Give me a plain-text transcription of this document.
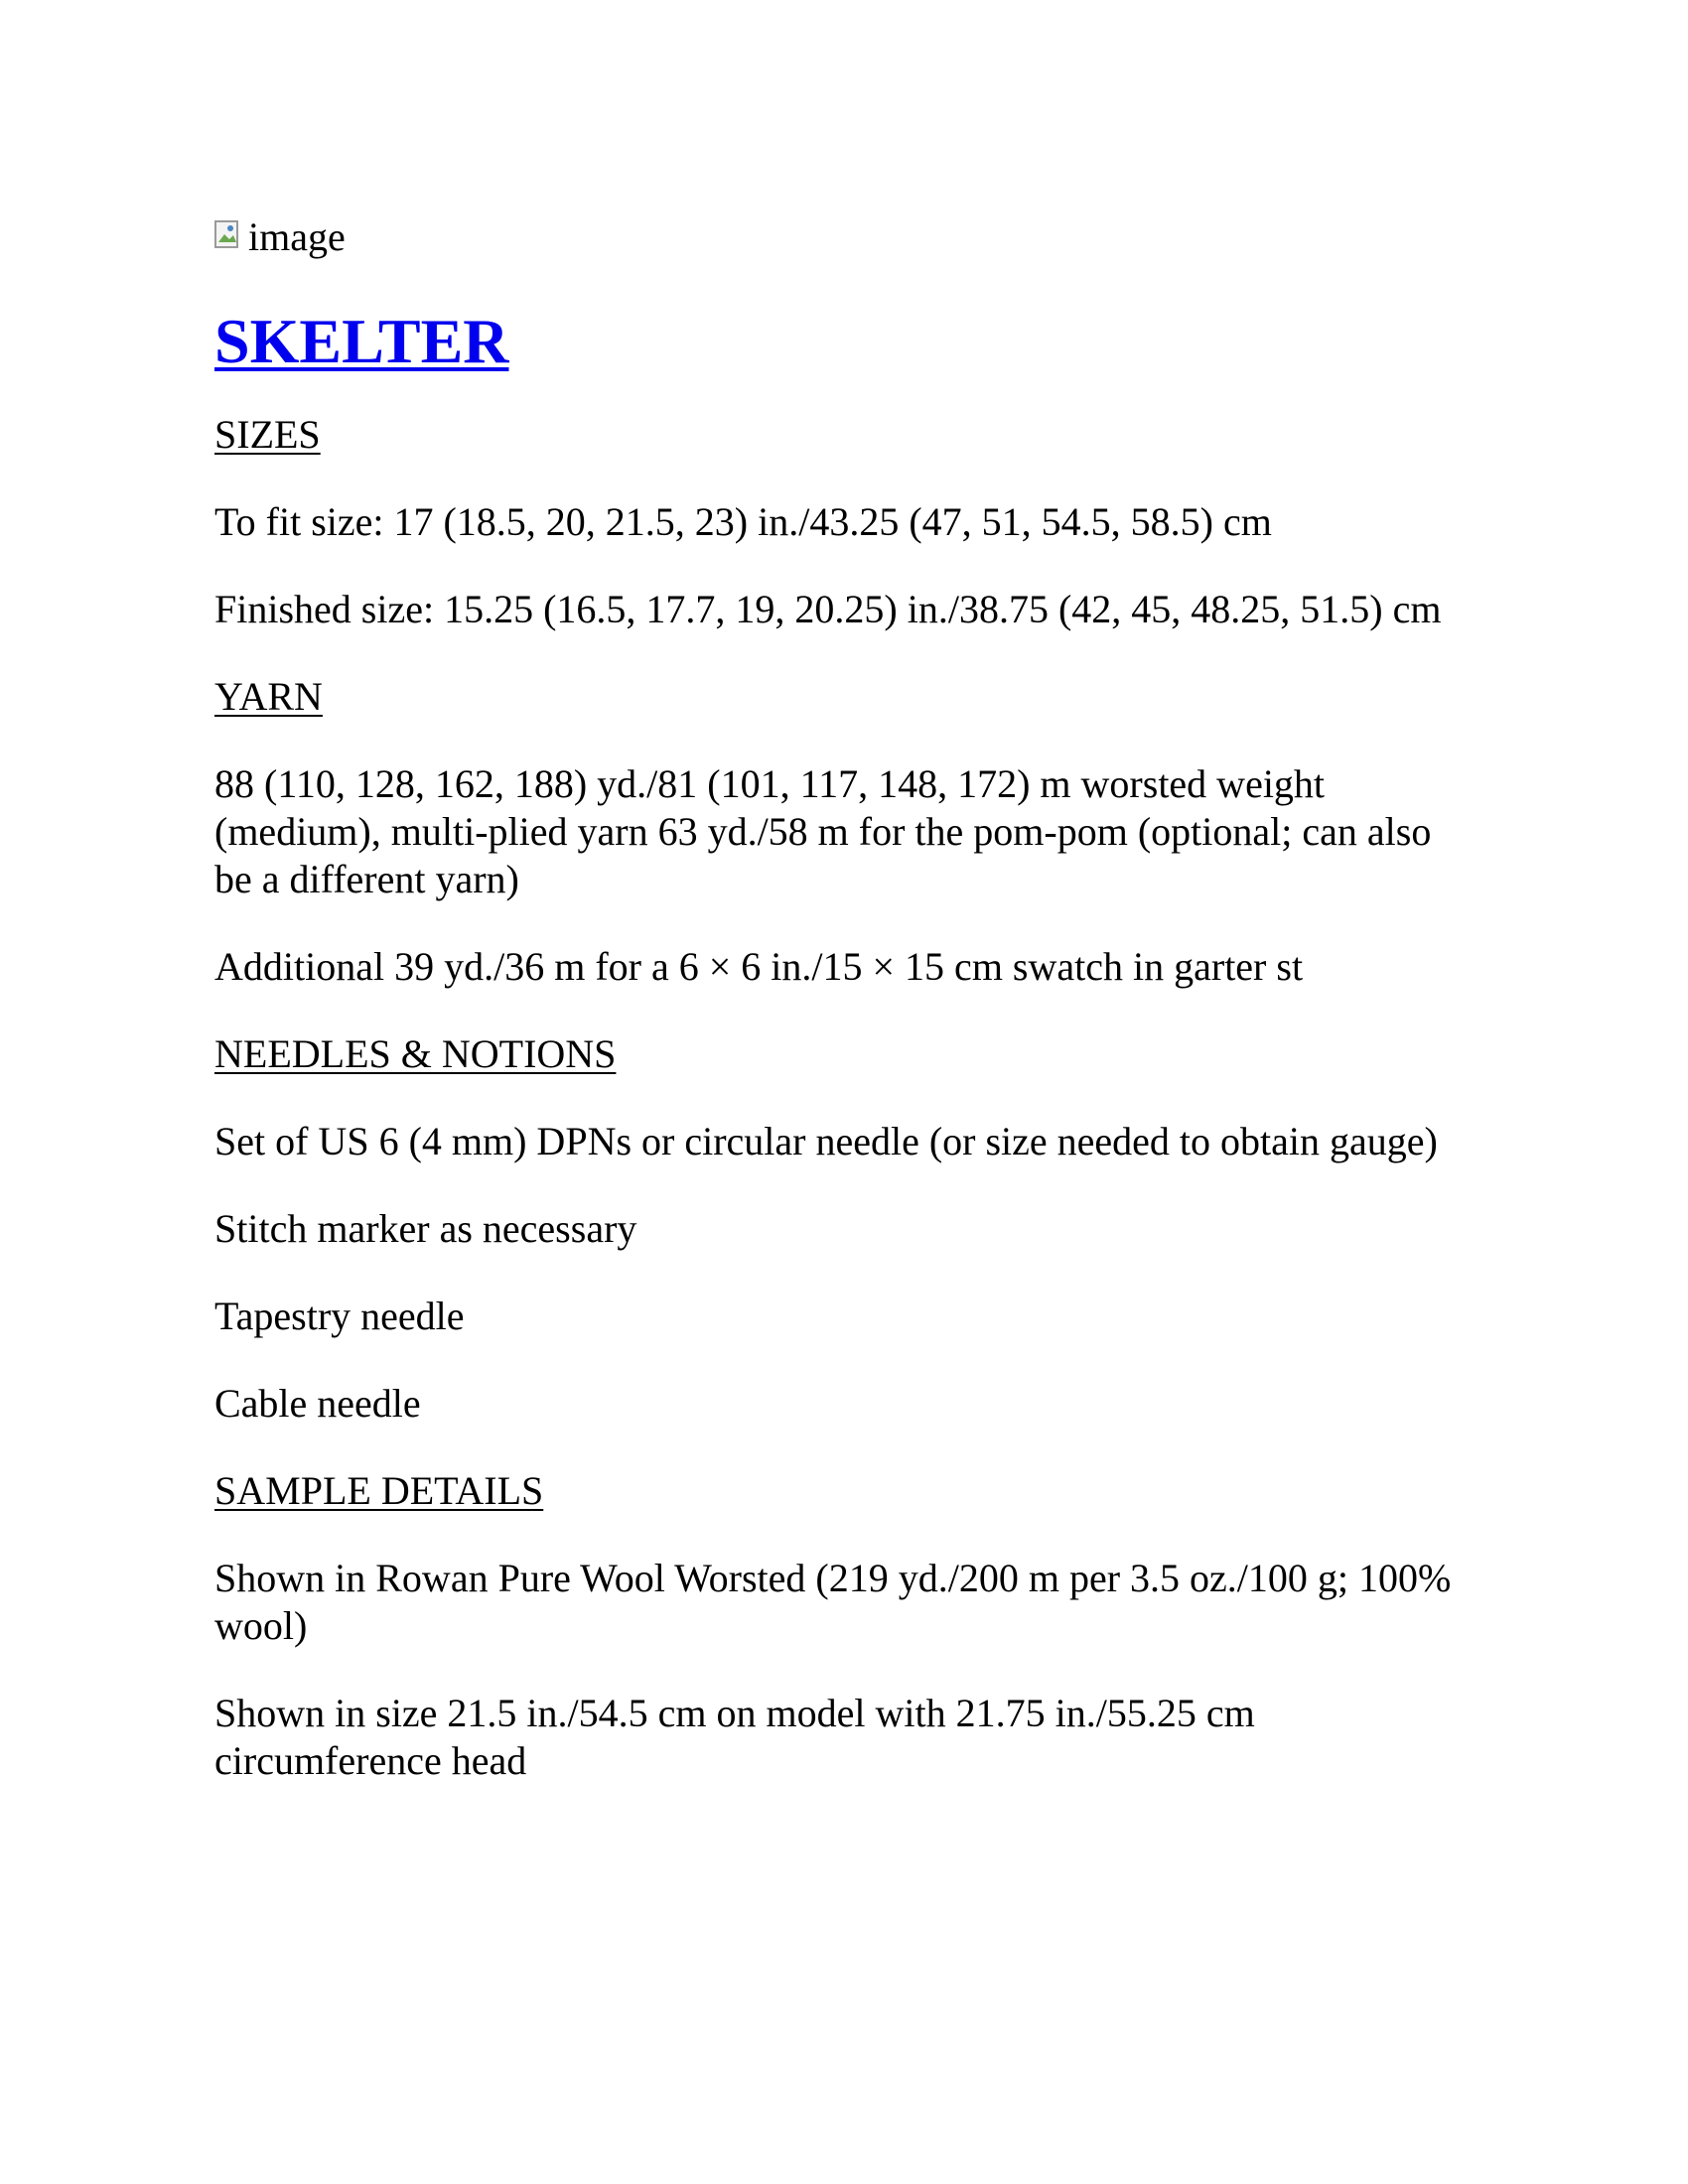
image
SKELTER

SIZES

To fit size: 17 (18.5, 20, 21.5, 23) in./43.25 (47, 51, 54.5, 58.5) cm

Finished size: 15.25 (16.5, 17.7, 19, 20.25) in./38.75 (42, 45, 48.25, 51.5) cm

YARN

88 (110, 128, 162, 188) yd./81 (101, 117, 148, 172) m worsted weight (medium), multi-plied yarn 63 yd./58 m for the pom-pom (optional; can also be a different yarn)

Additional 39 yd./36 m for a 6 × 6 in./15 × 15 cm swatch in garter st

NEEDLES & NOTIONS

Set of US 6 (4 mm) DPNs or circular needle (or size needed to obtain gauge)

Stitch marker as necessary

Tapestry needle

Cable needle

SAMPLE DETAILS

Shown in Rowan Pure Wool Worsted (219 yd./200 m per 3.5 oz./100 g; 100% wool)

Shown in size 21.5 in./54.5 cm on model with 21.75 in./55.25 cm circumference head
